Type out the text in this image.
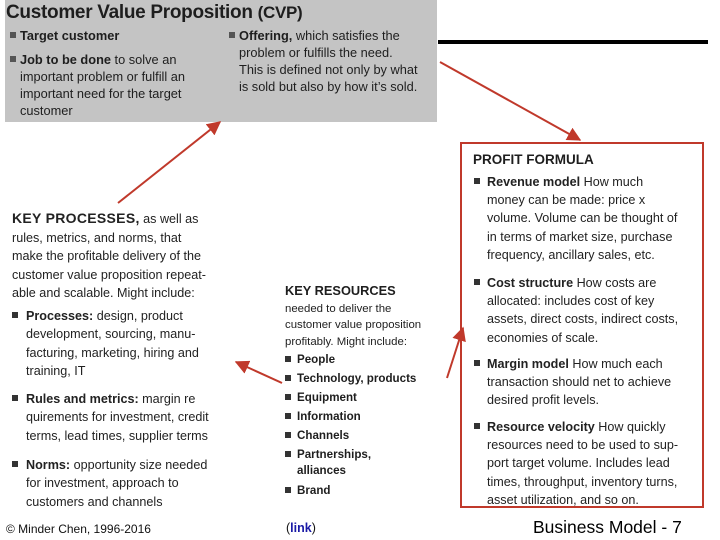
Customer Value Proposition (CVP)
Target customer
Job to be done to solve an
important problem or fulfill an
important need for the target
customer
Offering, which satisfies the
problem or fulfills the need.
This is defined not only by what
is sold but also by how it’s sold.
PROFIT FORMULA
Revenue model How much
money can be made: price x
volume. Volume can be thought of
in terms of market size, purchase
frequency, ancillary sales, etc.
Cost structure How costs are
allocated: includes cost of key
assets, direct costs, indirect costs,
economies of scale.
Margin model How much each
transaction should net to achieve
desired profit levels.
Resource velocity How quickly
resources need to be used to sup-
port target volume. Includes lead
times, throughput, inventory turns,
asset utilization, and so on.
KEY PROCESSES, as well as
rules, metrics, and norms, that
make the profitable delivery of the
customer value proposition repeat-
able and scalable. Might include:
Processes: design, product
development, sourcing, manu-
facturing, marketing, hiring and
training, IT
Rules and metrics: margin re
quirements for investment, credit
terms, lead times, supplier terms
Norms: opportunity size needed
for investment, approach to
customers and channels
KEY RESOURCES
needed to deliver the
customer value proposition
profitably. Might include:
People
Technology, products
Equipment
Information
Channels
Partnerships,
alliances
Brand
© Minder Chen, 1996-2016	(link)	Business Model - 7
